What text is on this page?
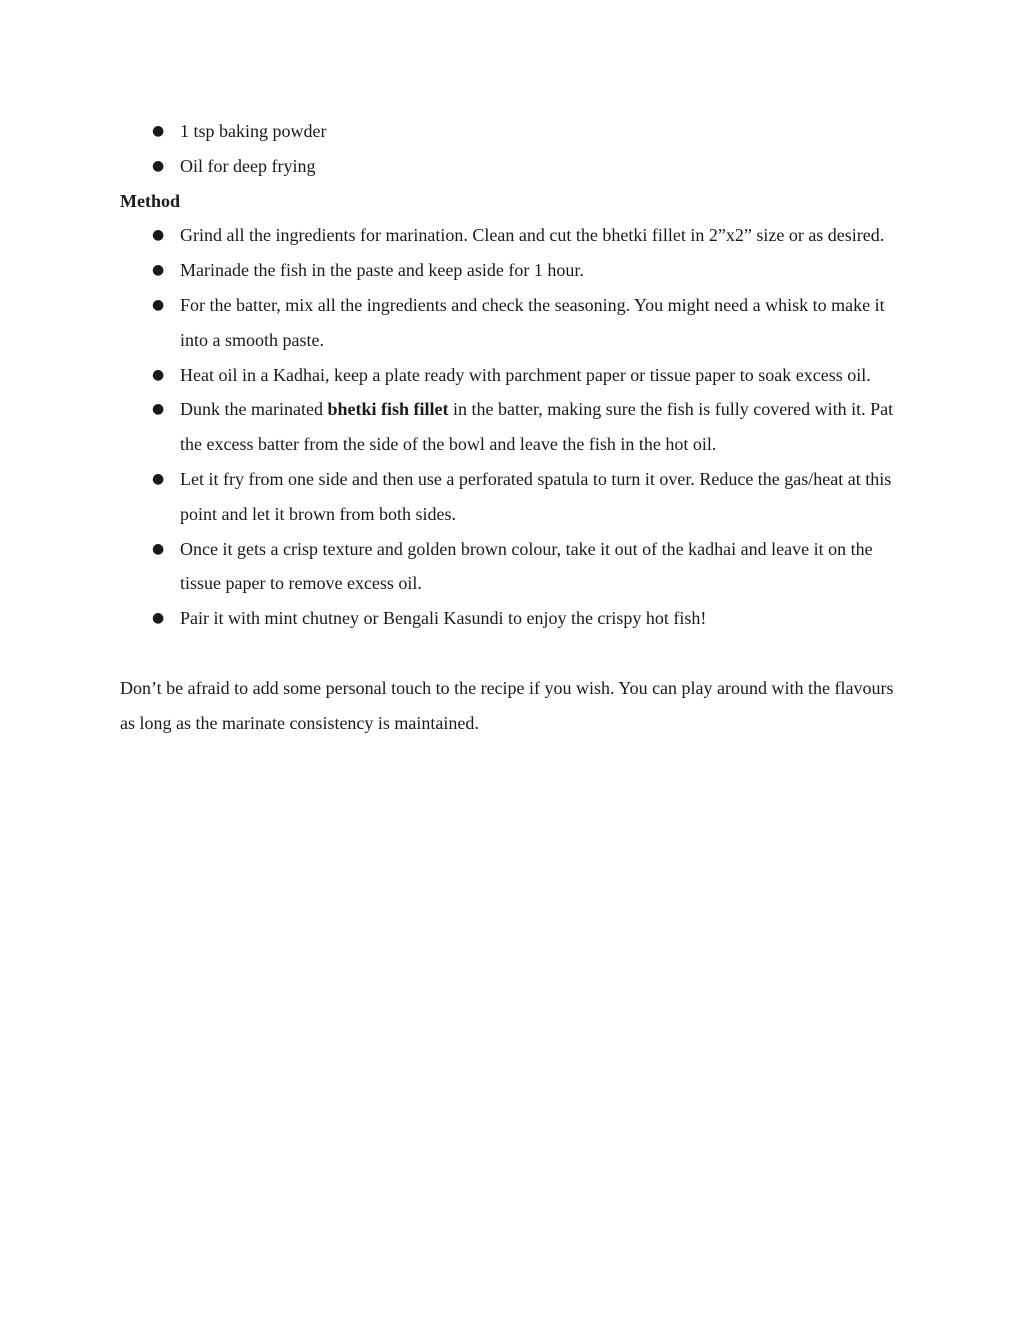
● 1 tsp baking powder
● Oil for deep frying
Method
● Grind all the ingredients for marination. Clean and cut the bhetki fillet in 2”x2” size or as desired.
● Marinade the fish in the paste and keep aside for 1 hour.
● For the batter, mix all the ingredients and check the seasoning. You might need a whisk to make it into a smooth paste.
● Heat oil in a Kadhai, keep a plate ready with parchment paper or tissue paper to soak excess oil.
● Dunk the marinated bhetki fish fillet in the batter, making sure the fish is fully covered with it. Pat the excess batter from the side of the bowl and leave the fish in the hot oil.
● Let it fry from one side and then use a perforated spatula to turn it over. Reduce the gas/heat at this point and let it brown from both sides.
● Once it gets a crisp texture and golden brown colour, take it out of the kadhai and leave it on the tissue paper to remove excess oil.
● Pair it with mint chutney or Bengali Kasundi to enjoy the crispy hot fish!

Don’t be afraid to add some personal touch to the recipe if you wish. You can play around with the flavours as long as the marinate consistency is maintained.
